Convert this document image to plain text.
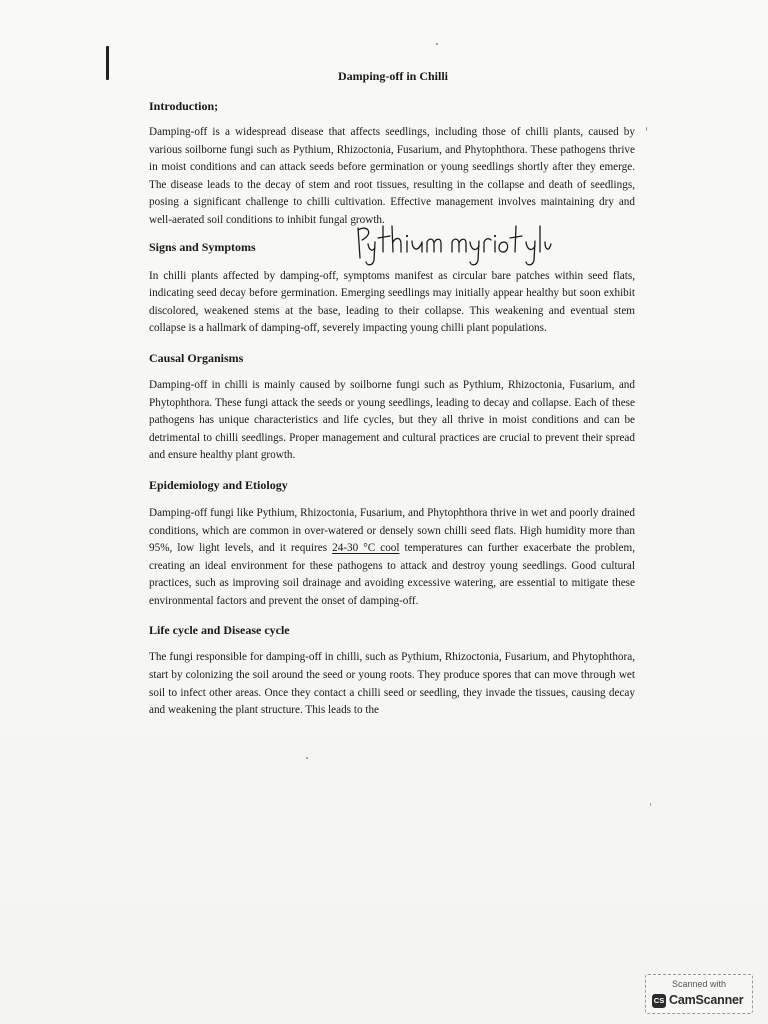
Damping-off in Chilli

Introduction;

Damping-off is a widespread disease that affects seedlings, including those of chilli plants, caused by various soilborne fungi such as Pythium, Rhizoctonia, Fusarium, and Phytophthora. These pathogens thrive in moist conditions and can attack seeds before germination or young seedlings shortly after they emerge. The disease leads to the decay of stem and root tissues, resulting in the collapse and death of seedlings, posing a significant challenge to chilli cultivation. Effective management involves maintaining dry and well-aerated soil conditions to inhibit fungal growth.

Signs and Symptoms

In chilli plants affected by damping-off, symptoms manifest as circular bare patches within seed flats, indicating seed decay before germination. Emerging seedlings may initially appear healthy but soon exhibit discolored, weakened stems at the base, leading to their collapse. This weakening and eventual stem collapse is a hallmark of damping-off, severely impacting young chilli plant populations.

Causal Organisms

Damping-off in chilli is mainly caused by soilborne fungi such as Pythium, Rhizoctonia, Fusarium, and Phytophthora. These fungi attack the seeds or young seedlings, leading to decay and collapse. Each of these pathogens has unique characteristics and life cycles, but they all thrive in moist conditions and can be detrimental to chilli seedlings. Proper management and cultural practices are crucial to prevent their spread and ensure healthy plant growth.

Epidemiology and Etiology

Damping-off fungi like Pythium, Rhizoctonia, Fusarium, and Phytophthora thrive in wet and poorly drained conditions, which are common in over-watered or densely sown chilli seed flats. High humidity more than 95%, low light levels, and it requires 24-30 °C cool temperatures can further exacerbate the problem, creating an ideal environment for these pathogens to attack and destroy young seedlings. Good cultural practices, such as improving soil drainage and avoiding excessive watering, are essential to mitigate these environmental factors and prevent the onset of damping-off.

Life cycle and Disease cycle

The fungi responsible for damping-off in chilli, such as Pythium, Rhizoctonia, Fusarium, and Phytophthora, start by colonizing the soil around the seed or young roots. They produce spores that can move through wet soil to infect other areas. Once they contact a chilli seed or seedling, they invade the tissues, causing decay and weakening the plant structure. This leads to the

Scanned with
CS CamScanner
